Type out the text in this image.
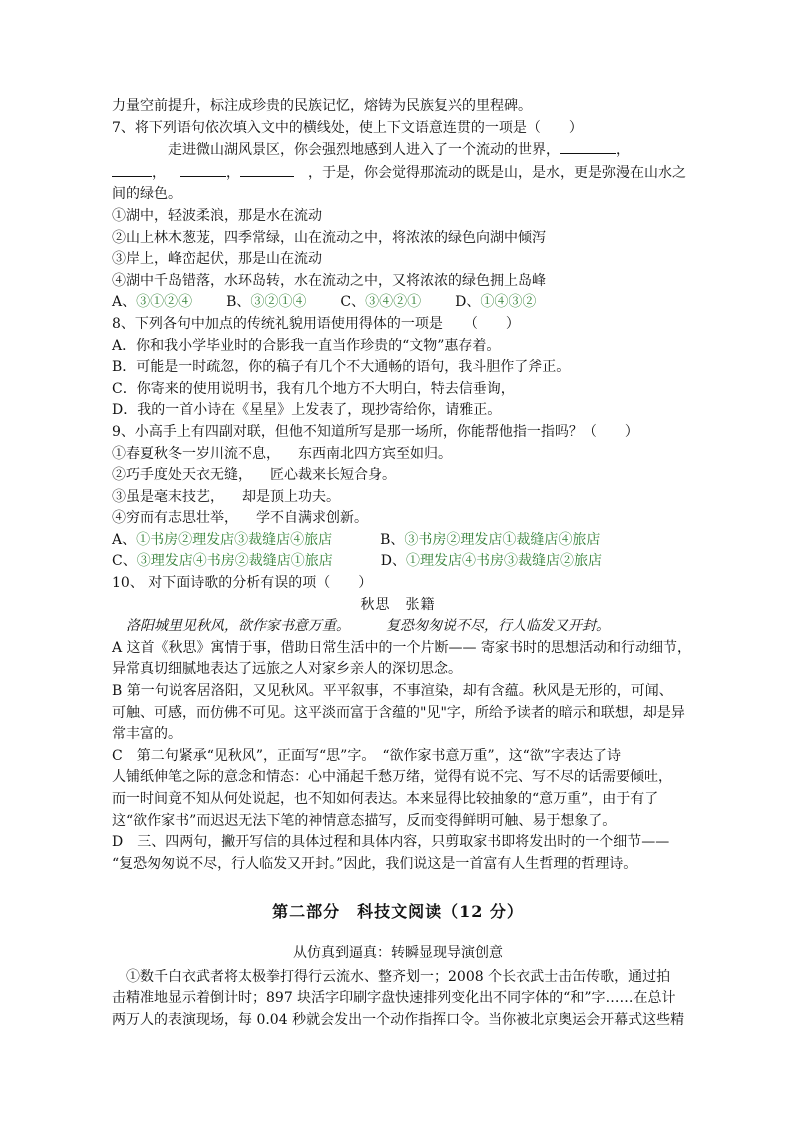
力量空前提升，标注成珍贵的民族记忆，熔铸为民族复兴的里程碑。

7、将下列语句依次填入文中的横线处，使上下文语意连贯的一项是（　　）

走进微山湖风景区，你会强烈地感到人进入了一个流动的世界，	，

，	，	，于是，你会觉得那流动的既是山，是水，更是弥漫在山水之

间的绿色。

①湖中，轻波柔浪，那是水在流动

②山上林木葱茏，四季常绿，山在流动之中，将浓浓的绿色向湖中倾泻

③岸上，峰峦起伏，那是山在流动

④湖中千岛错落，水环岛转，水在流动之中，又将浓浓的绿色拥上岛峰

A、③①②④ B、③②①④ C、③④②① D、①④③②

8、下列各句中加点的传统礼貌用语使用得体的一项是　　（　　）

A．你和我小学毕业时的合影我一直当作珍贵的“文物”惠存着。

B．可能是一时疏忽，你的稿子有几个不大通畅的语句，我斗胆作了斧正。

C．你寄来的使用说明书，我有几个地方不大明白，特去信垂询，

D．我的一首小诗在《星星》上发表了，现抄寄给你，请雅正。

9、小高手上有四副对联，但他不知道所写是那一场所，你能帮他指一指吗？（　　）

①春夏秋冬一岁川流不息， 东西南北四方宾至如归。

②巧手度处天衣无缝， 匠心裁来长短合身。

③虽是毫末技艺， 却是顶上功夫。

④穷而有志思壮举， 学不自满求创新。

A、①书房②理发店③裁缝店④旅店	B、③书房②理发店①裁缝店④旅店

C、③理发店④书房②裁缝店①旅店	D、①理发店④书房③裁缝店②旅店

10、 对下面诗歌的分析有误的项（　　）

秋思　张籍

洛阳城里见秋风，欲作家书意万重。	复恐匆匆说不尽，行人临发又开封。

A 这首《秋思》寓情于事，借助日常生活中的一个片断—— 寄家书时的思想活动和行动细节，

异常真切细腻地表达了远旅之人对家乡亲人的深切思念。

B 第一句说客居洛阳，又见秋风。平平叙事，不事渲染，却有含蕴。秋风是无形的，可闻、

可触、可感，而仿佛不可见。这平淡而富于含蕴的"见"字，所给予读者的暗示和联想，却是异

常丰富的。

C　第二句紧承“见秋风”，正面写“思”字。　“欲作家书意万重”，这“欲”字表达了诗

人铺纸伸笔之际的意念和情态：心中涌起千愁万绪，觉得有说不完、写不尽的话需要倾吐，

而一时间竟不知从何处说起，也不知如何表达。本来显得比较抽象的“意万重”，由于有了

这“欲作家书”而迟迟无法下笔的神情意态描写，反而变得鲜明可触、易于想象了。

D　三、四两句，撇开写信的具体过程和具体内容，只剪取家书即将发出时的一个细节——

“复恐匆匆说不尽，行人临发又开封。”因此，我们说这是一首富有人生哲理的哲理诗。

第二部分　科技文阅读（12 分）

从仿真到逼真：转瞬显现导演创意

①数千白衣武者将太极拳打得行云流水、整齐划一；2008 个长衣武士击缶传歌，通过拍

击精准地显示着倒计时；897 块活字印刷字盘快速排列变化出不同字体的“和”字……在总计

两万人的表演现场，每 0.04 秒就会发出一个动作指挥口令。当你被北京奥运会开幕式这些精
